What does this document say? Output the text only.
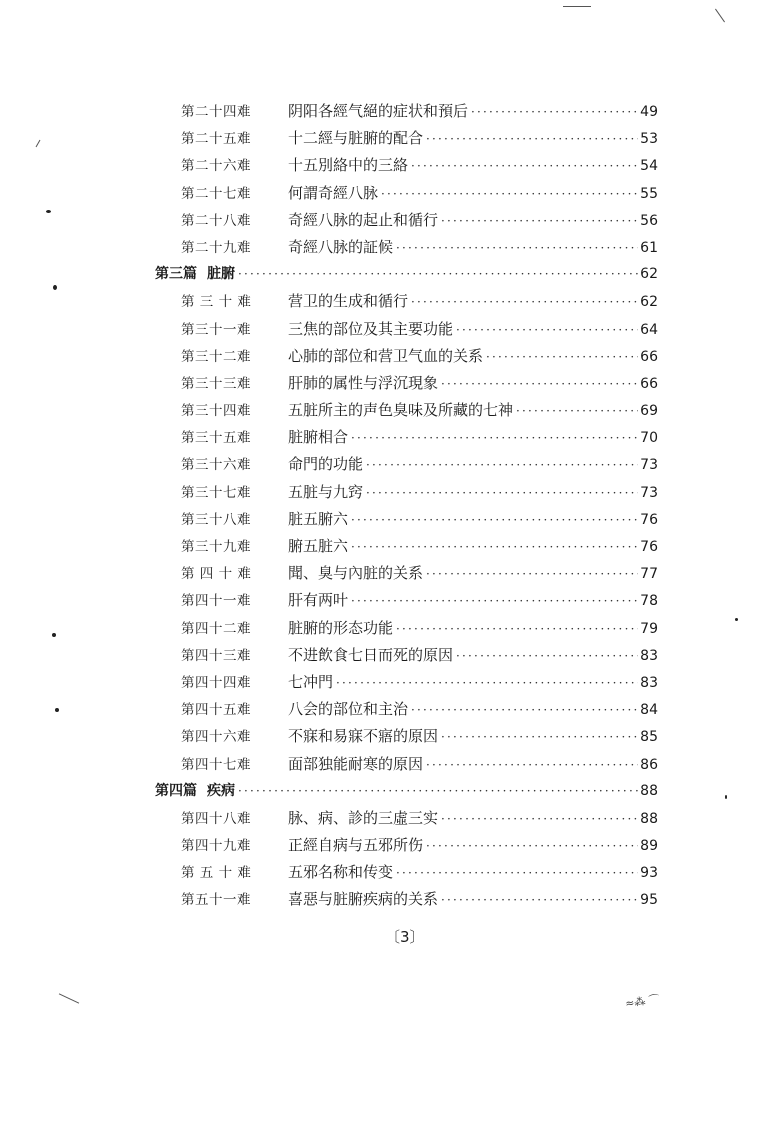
第二十四难	阴阳各經气絕的症状和預后 ·····	49
第二十五难	十二經与脏腑的配合 ·····	53
第二十六难	十五別絡中的三絡 ·····	54
第二十七难	何謂奇經八脉 ·····	55
第二十八难	奇經八脉的起止和循行 ·····	56
第二十九难	奇經八脉的証候 ·····	61
第三篇 脏腑 ·····	62
第 三 十 难	营卫的生成和循行 ·····	62
第三十一难	三焦的部位及其主要功能 ·····	64
第三十二难	心肺的部位和营卫气血的关系 ·····	66
第三十三难	肝肺的属性与浮沉現象 ·····	66
第三十四难	五脏所主的声色臭味及所藏的七神 ·····	69
第三十五难	脏腑相合 ·····	70
第三十六难	命門的功能 ·····	73
第三十七难	五脏与九窍 ·····	73
第三十八难	脏五腑六 ·····	76
第三十九难	腑五脏六 ·····	76
第 四 十 难	聞、臭与內脏的关系 ·····	77
第四十一难	肝有两叶 ·····	78
第四十二难	脏腑的形态功能 ·····	79
第四十三难	不进飲食七日而死的原因 ·····	83
第四十四难	七冲門 ·····	83
第四十五难	八会的部位和主治 ·····	84
第四十六难	不寐和易寐不寤的原因 ·····	85
第四十七难	面部独能耐寒的原因 ·····	86
第四篇 疾病 ·····	88
第四十八难	脉、病、診的三虛三实 ·····	88
第四十九难	正經自病与五邪所伤 ·····	89
第 五 十 难	五邪名称和传变 ·····	93
第五十一难	喜惡与脏腑疾病的关系 ·····	95
〔3〕
≈⁂ ⌒
